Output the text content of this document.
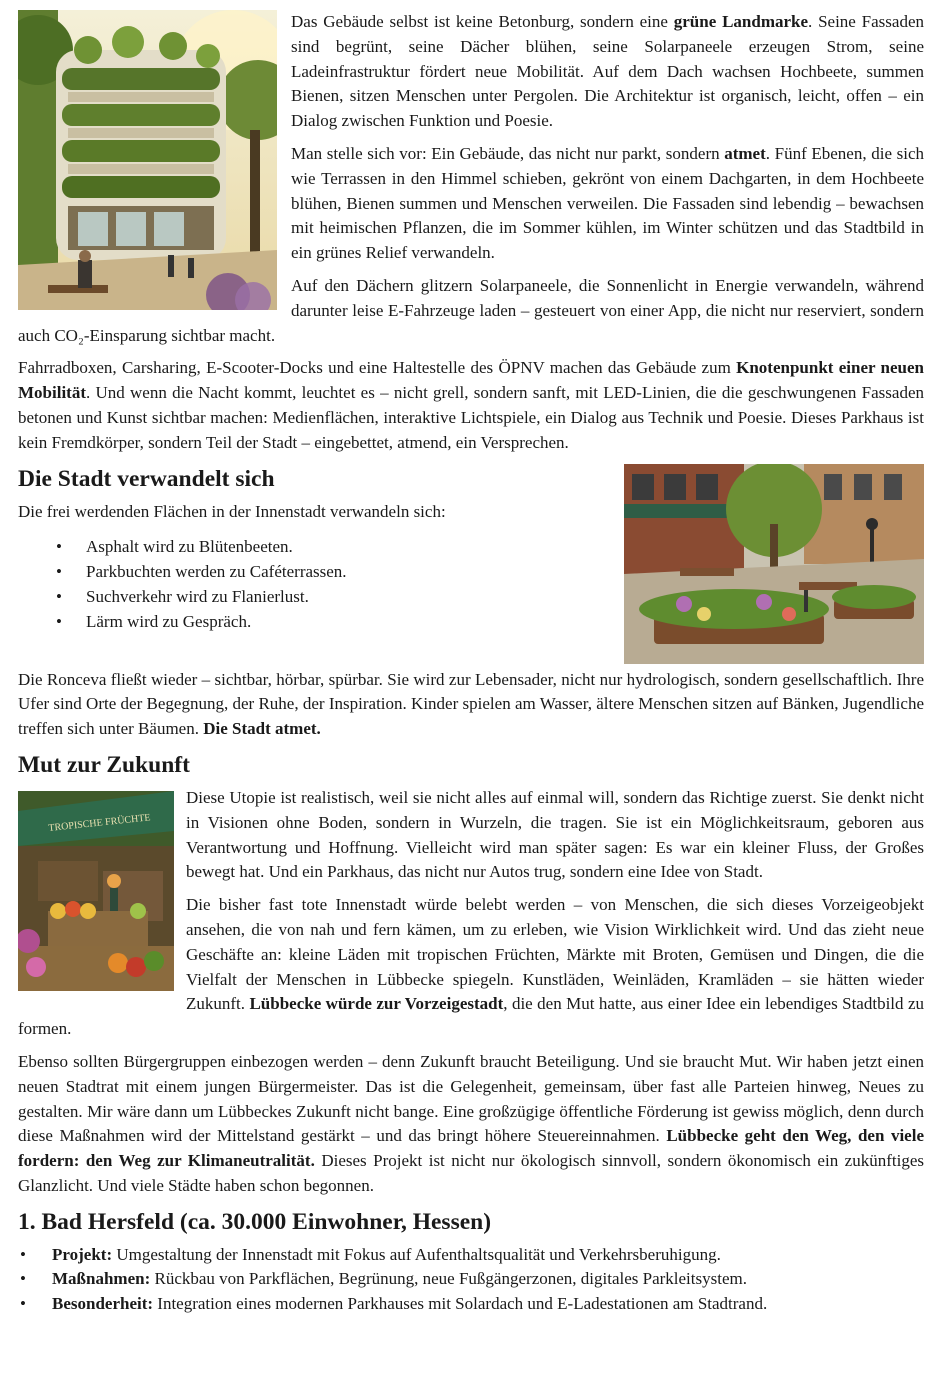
Das Gebäude selbst ist keine Betonburg, sondern eine grüne Landmarke. Seine Fassaden sind begrünt, seine Dächer blühen, seine Solarpaneele erzeugen Strom, seine Ladeinfrastruktur fördert neue Mobilität. Auf dem Dach wachsen Hochbeete, summen Bienen, sitzen Menschen unter Pergolen. Die Architektur ist organisch, leicht, offen – ein Dialog zwischen Funktion und Poesie.

Man stelle sich vor: Ein Gebäude, das nicht nur parkt, sondern atmet. Fünf Ebenen, die sich wie Terrassen in den Himmel schieben, gekrönt von einem Dachgarten, in dem Hochbeete blühen, Bienen summen und Menschen verweilen. Die Fassaden sind lebendig – bewachsen mit heimischen Pflanzen, die im Sommer kühlen, im Winter schützen und das Stadtbild in ein grünes Relief verwandeln.

Auf den Dächern glitzern Solarpaneele, die Sonnenlicht in Energie verwandeln, während darunter leise E-Fahrzeuge laden – gesteuert von einer App, die nicht nur reserviert, sondern auch CO₂-Einsparung sichtbar macht.

Fahrradboxen, Carsharing, E-Scooter-Docks und eine Haltestelle des ÖPNV machen das Gebäude zum Knotenpunkt einer neuen Mobilität. Und wenn die Nacht kommt, leuchtet es – nicht grell, sondern sanft, mit LED-Linien, die die geschwungenen Fassaden betonen und Kunst sichtbar machen: Medienflächen, interaktive Lichtspiele, ein Dialog aus Technik und Poesie. Dieses Parkhaus ist kein Fremdkörper, sondern Teil der Stadt – eingebettet, atmend, ein Versprechen.

Die Stadt verwandelt sich

Die frei werdenden Flächen in der Innenstadt verwandeln sich:

• Asphalt wird zu Blütenbeeten.
• Parkbuchten werden zu Caféterrassen.
• Suchverkehr wird zu Flanierlust.
• Lärm wird zu Gespräch.

Die Ronceva fließt wieder – sichtbar, hörbar, spürbar. Sie wird zur Lebensader, nicht nur hydrologisch, sondern gesellschaftlich. Ihre Ufer sind Orte der Begegnung, der Ruhe, der Inspiration. Kinder spielen am Wasser, ältere Menschen sitzen auf Bänken, Jugendliche treffen sich unter Bäumen. Die Stadt atmet.

Mut zur Zukunft

TROPISCHE FRÜCHTE
Diese Utopie ist realistisch, weil sie nicht alles auf einmal will, sondern das Richtige zuerst. Sie denkt nicht in Visionen ohne Boden, sondern in Wurzeln, die tragen. Sie ist ein Möglichkeitsraum, geboren aus Verantwortung und Hoffnung. Vielleicht wird man später sagen: Es war ein kleiner Fluss, der Großes bewegt hat. Und ein Parkhaus, das nicht nur Autos trug, sondern eine Idee von Stadt.

Die bisher fast tote Innenstadt würde belebt werden – von Menschen, die sich dieses Vorzeigeobjekt ansehen, die von nah und fern kämen, um zu erleben, wie Vision Wirklichkeit wird. Und das zieht neue Geschäfte an: kleine Läden mit tropischen Früchten, Märkte mit Broten, Gemüsen und Dingen, die die Vielfalt der Menschen in Lübbecke spiegeln. Kunstläden, Weinläden, Kramläden – sie hätten wieder Zukunft. Lübbecke würde zur Vorzeigestadt, die den Mut hatte, aus einer Idee ein lebendiges Stadtbild zu formen.

Ebenso sollten Bürgergruppen einbezogen werden – denn Zukunft braucht Beteiligung. Und sie braucht Mut. Wir haben jetzt einen neuen Stadtrat mit einem jungen Bürgermeister. Das ist die Gelegenheit, gemeinsam, über fast alle Parteien hinweg, Neues zu gestalten. Mir wäre dann um Lübbeckes Zukunft nicht bange. Eine großzügige öffentliche Förderung ist gewiss möglich, denn durch diese Maßnahmen wird der Mittelstand gestärkt – und das bringt höhere Steuereinnahmen. Lübbecke geht den Weg, den viele fordern: den Weg zur Klimaneutralität. Dieses Projekt ist nicht nur ökologisch sinnvoll, sondern ökonomisch ein zukünftiges Glanzlicht. Und viele Städte haben schon begonnen.

1. Bad Hersfeld (ca. 30.000 Einwohner, Hessen)
• Projekt: Umgestaltung der Innenstadt mit Fokus auf Aufenthaltsqualität und Verkehrsberuhigung.
• Maßnahmen: Rückbau von Parkflächen, Begrünung, neue Fußgängerzonen, digitales Parkleitsystem.
• Besonderheit: Integration eines modernen Parkhauses mit Solardach und E-Ladestationen am Stadtrand.
